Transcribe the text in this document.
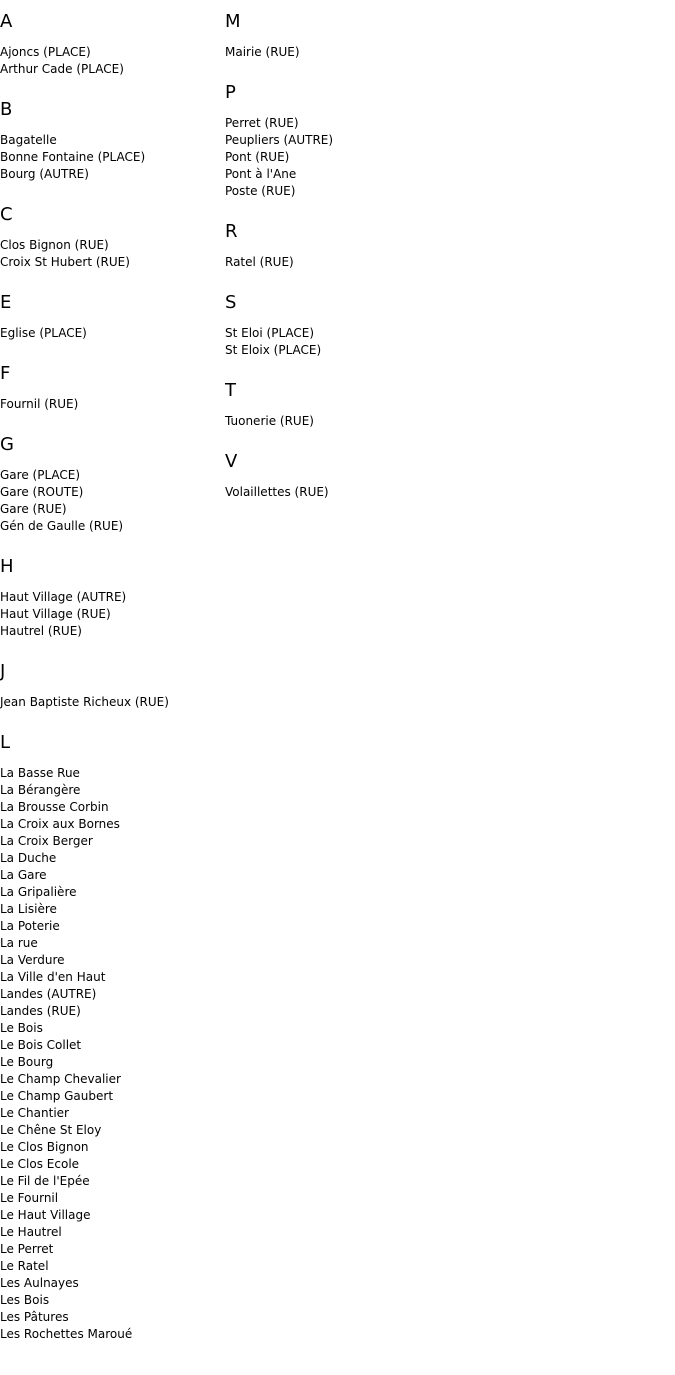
A
Ajoncs (PLACE)
Arthur Cade (PLACE)
B
Bagatelle
Bonne Fontaine (PLACE)
Bourg (AUTRE)
C
Clos Bignon (RUE)
Croix St Hubert (RUE)
E
Eglise (PLACE)
F
Fournil (RUE)
G
Gare (PLACE)
Gare (ROUTE)
Gare (RUE)
Gén de Gaulle (RUE)
H
Haut Village (AUTRE)
Haut Village (RUE)
Hautrel (RUE)
J
Jean Baptiste Richeux (RUE)
L
La Basse Rue
La Bérangère
La Brousse Corbin
La Croix aux Bornes
La Croix Berger
La Duche
La Gare
La Gripalière
La Lisière
La Poterie
La rue
La Verdure
La Ville d'en Haut
Landes (AUTRE)
Landes (RUE)
Le Bois
Le Bois Collet
Le Bourg
Le Champ Chevalier
Le Champ Gaubert
Le Chantier
Le Chêne St Eloy
Le Clos Bignon
Le Clos Ecole
Le Fil de l'Epée
Le Fournil
Le Haut Village
Le Hautrel
Le Perret
Le Ratel
Les Aulnayes
Les Bois
Les Pâtures
Les Rochettes Maroué
M
Mairie (RUE)
P
Perret (RUE)
Peupliers (AUTRE)
Pont (RUE)
Pont à l'Ane
Poste (RUE)
R
Ratel (RUE)
S
St Eloi (PLACE)
St Eloix (PLACE)
T
Tuonerie (RUE)
V
Volaillettes (RUE)
